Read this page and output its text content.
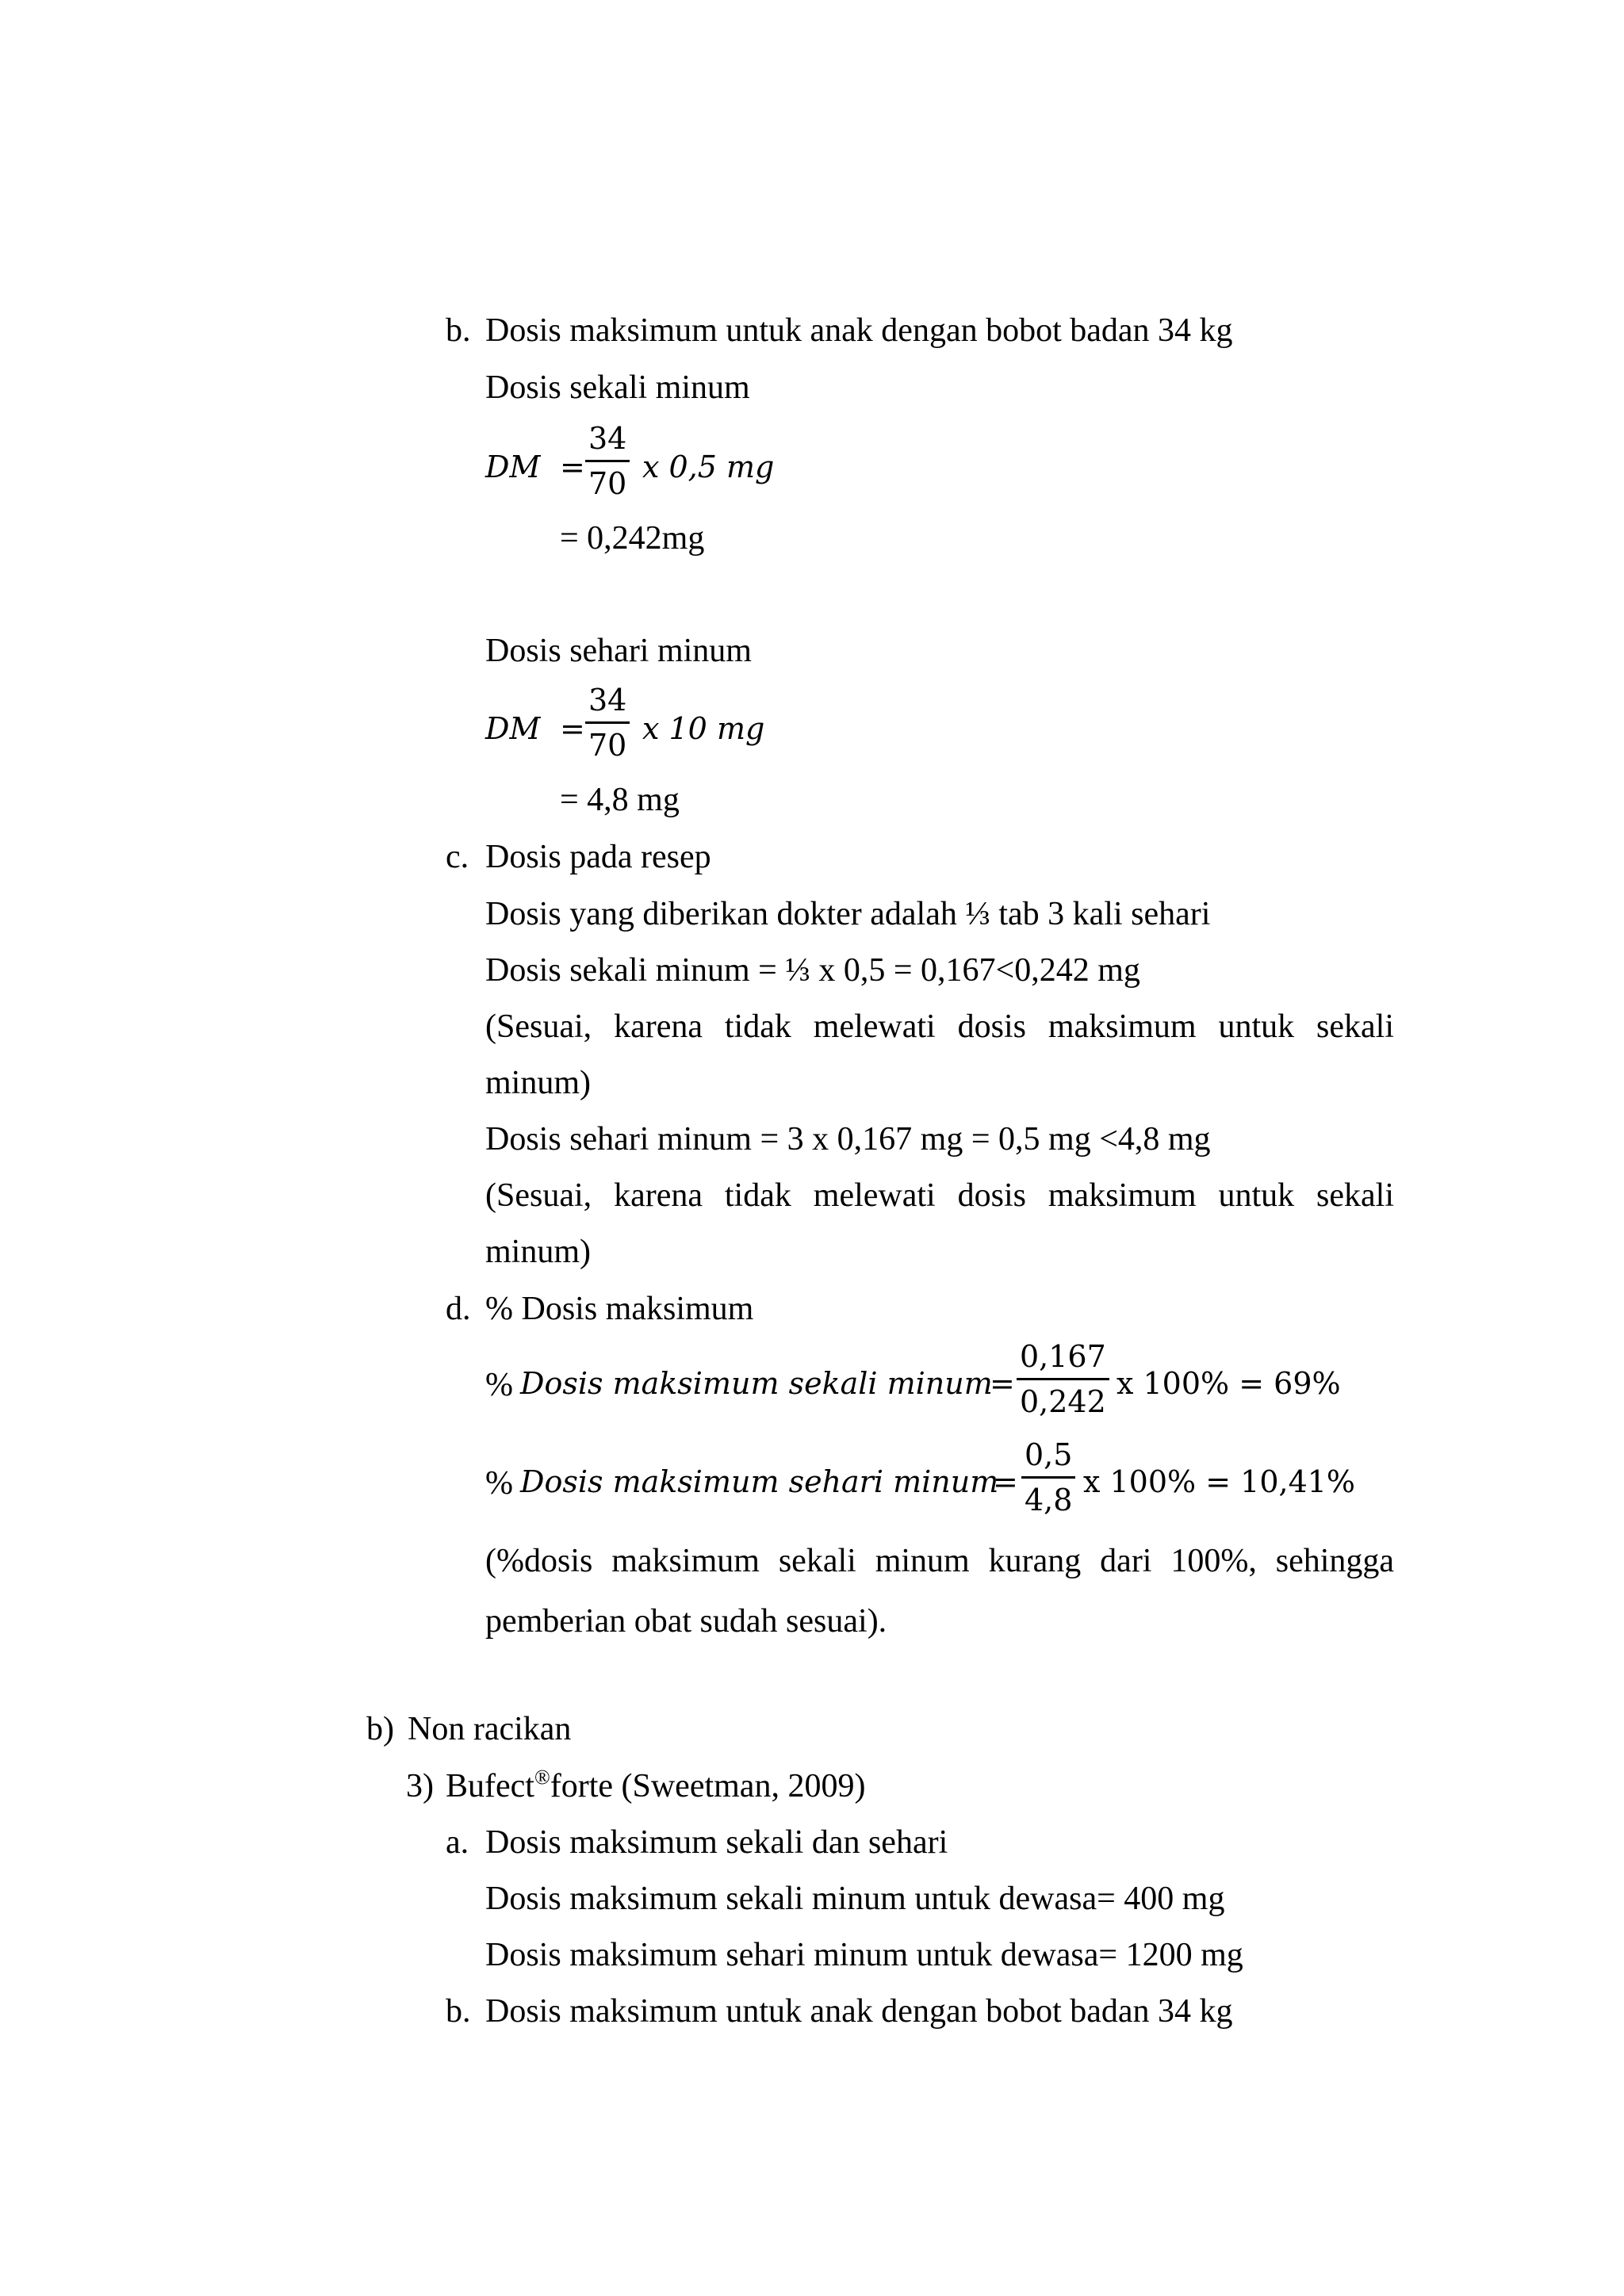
b. Dosis maksimum untuk anak dengan bobot badan 34 kg
Dosis sekali minum
DM =
34
70 x 0,5 mg
= 0,242mg
Dosis sehari minum
DM =
34
70 x 10 mg
= 4,8 mg
c. Dosis pada resep
Dosis yang diberikan dokter adalah ⅓ tab 3 kali sehari
Dosis sekali minum = ⅓ x 0,5 = 0,167<0,242 mg
(Sesuai, karena tidak melewati dosis maksimum untuk sekali
minum)
Dosis sehari minum = 3 x 0,167 mg = 0,5 mg <4,8 mg
(Sesuai, karena tidak melewati dosis maksimum untuk sekali
minum)
d. % Dosis maksimum
% Dosis maksimum sekali minum
=
0,167
0,242
x 100% = 69%
% Dosis maksimum sehari minum
=
0,5
4,8
x 100% = 10,41%
(%dosis maksimum sekali minum kurang dari 100%, sehingga
pemberian obat sudah sesuai).
b) Non racikan
3) Bufect®forte (Sweetman, 2009)
a. Dosis maksimum sekali dan sehari
Dosis maksimum sekali minum untuk dewasa= 400 mg
Dosis maksimum sehari minum untuk dewasa= 1200 mg
b. Dosis maksimum untuk anak dengan bobot badan 34 kg
